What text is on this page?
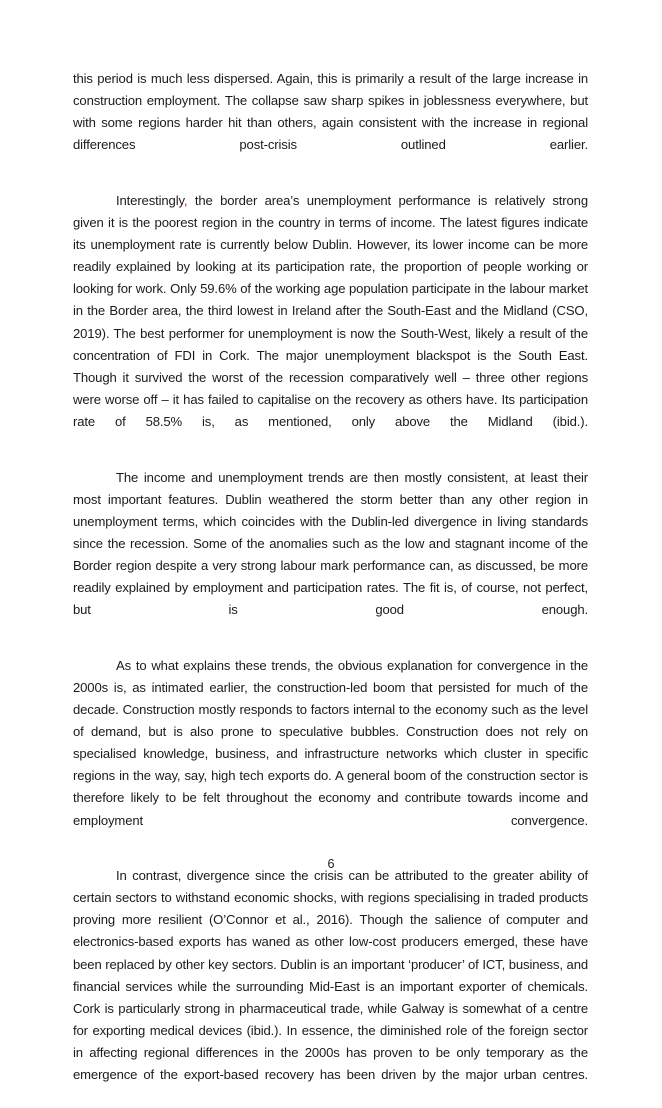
this period is much less dispersed. Again, this is primarily a result of the large increase in construction employment. The collapse saw sharp spikes in joblessness everywhere, but with some regions harder hit than others, again consistent with the increase in regional differences post-crisis outlined earlier.

Interestingly, the border area’s unemployment performance is relatively strong given it is the poorest region in the country in terms of income. The latest figures indicate its unemployment rate is currently below Dublin. However, its lower income can be more readily explained by looking at its participation rate, the proportion of people working or looking for work. Only 59.6% of the working age population participate in the labour market in the Border area, the third lowest in Ireland after the South-East and the Midland (CSO, 2019). The best performer for unemployment is now the South-West, likely a result of the concentration of FDI in Cork. The major unemployment blackspot is the South East. Though it survived the worst of the recession comparatively well – three other regions were worse off – it has failed to capitalise on the recovery as others have. Its participation rate of 58.5% is, as mentioned, only above the Midland (ibid.).

The income and unemployment trends are then mostly consistent, at least their most important features. Dublin weathered the storm better than any other region in unemployment terms, which coincides with the Dublin-led divergence in living standards since the recession. Some of the anomalies such as the low and stagnant income of the Border region despite a very strong labour mark performance can, as discussed, be more readily explained by employment and participation rates. The fit is, of course, not perfect, but is good enough.

As to what explains these trends, the obvious explanation for convergence in the 2000s is, as intimated earlier, the construction-led boom that persisted for much of the decade. Construction mostly responds to factors internal to the economy such as the level of demand, but is also prone to speculative bubbles. Construction does not rely on specialised knowledge, business, and infrastructure networks which cluster in specific regions in the way, say, high tech exports do. A general boom of the construction sector is therefore likely to be felt throughout the economy and contribute towards income and employment convergence.

In contrast, divergence since the crisis can be attributed to the greater ability of certain sectors to withstand economic shocks, with regions specialising in traded products proving more resilient (O’Connor et al., 2016). Though the salience of computer and electronics-based exports has waned as other low-cost producers emerged, these have been replaced by other key sectors. Dublin is an important ‘producer’ of ICT, business, and financial services while the surrounding Mid-East is an important exporter of chemicals. Cork is particularly strong in pharmaceutical trade, while Galway is somewhat of a centre for exporting medical devices (ibid.). In essence, the diminished role of the foreign sector in affecting regional differences in the 2000s has proven to be only temporary as the emergence of the export-based recovery has been driven by the major urban centres.

6
